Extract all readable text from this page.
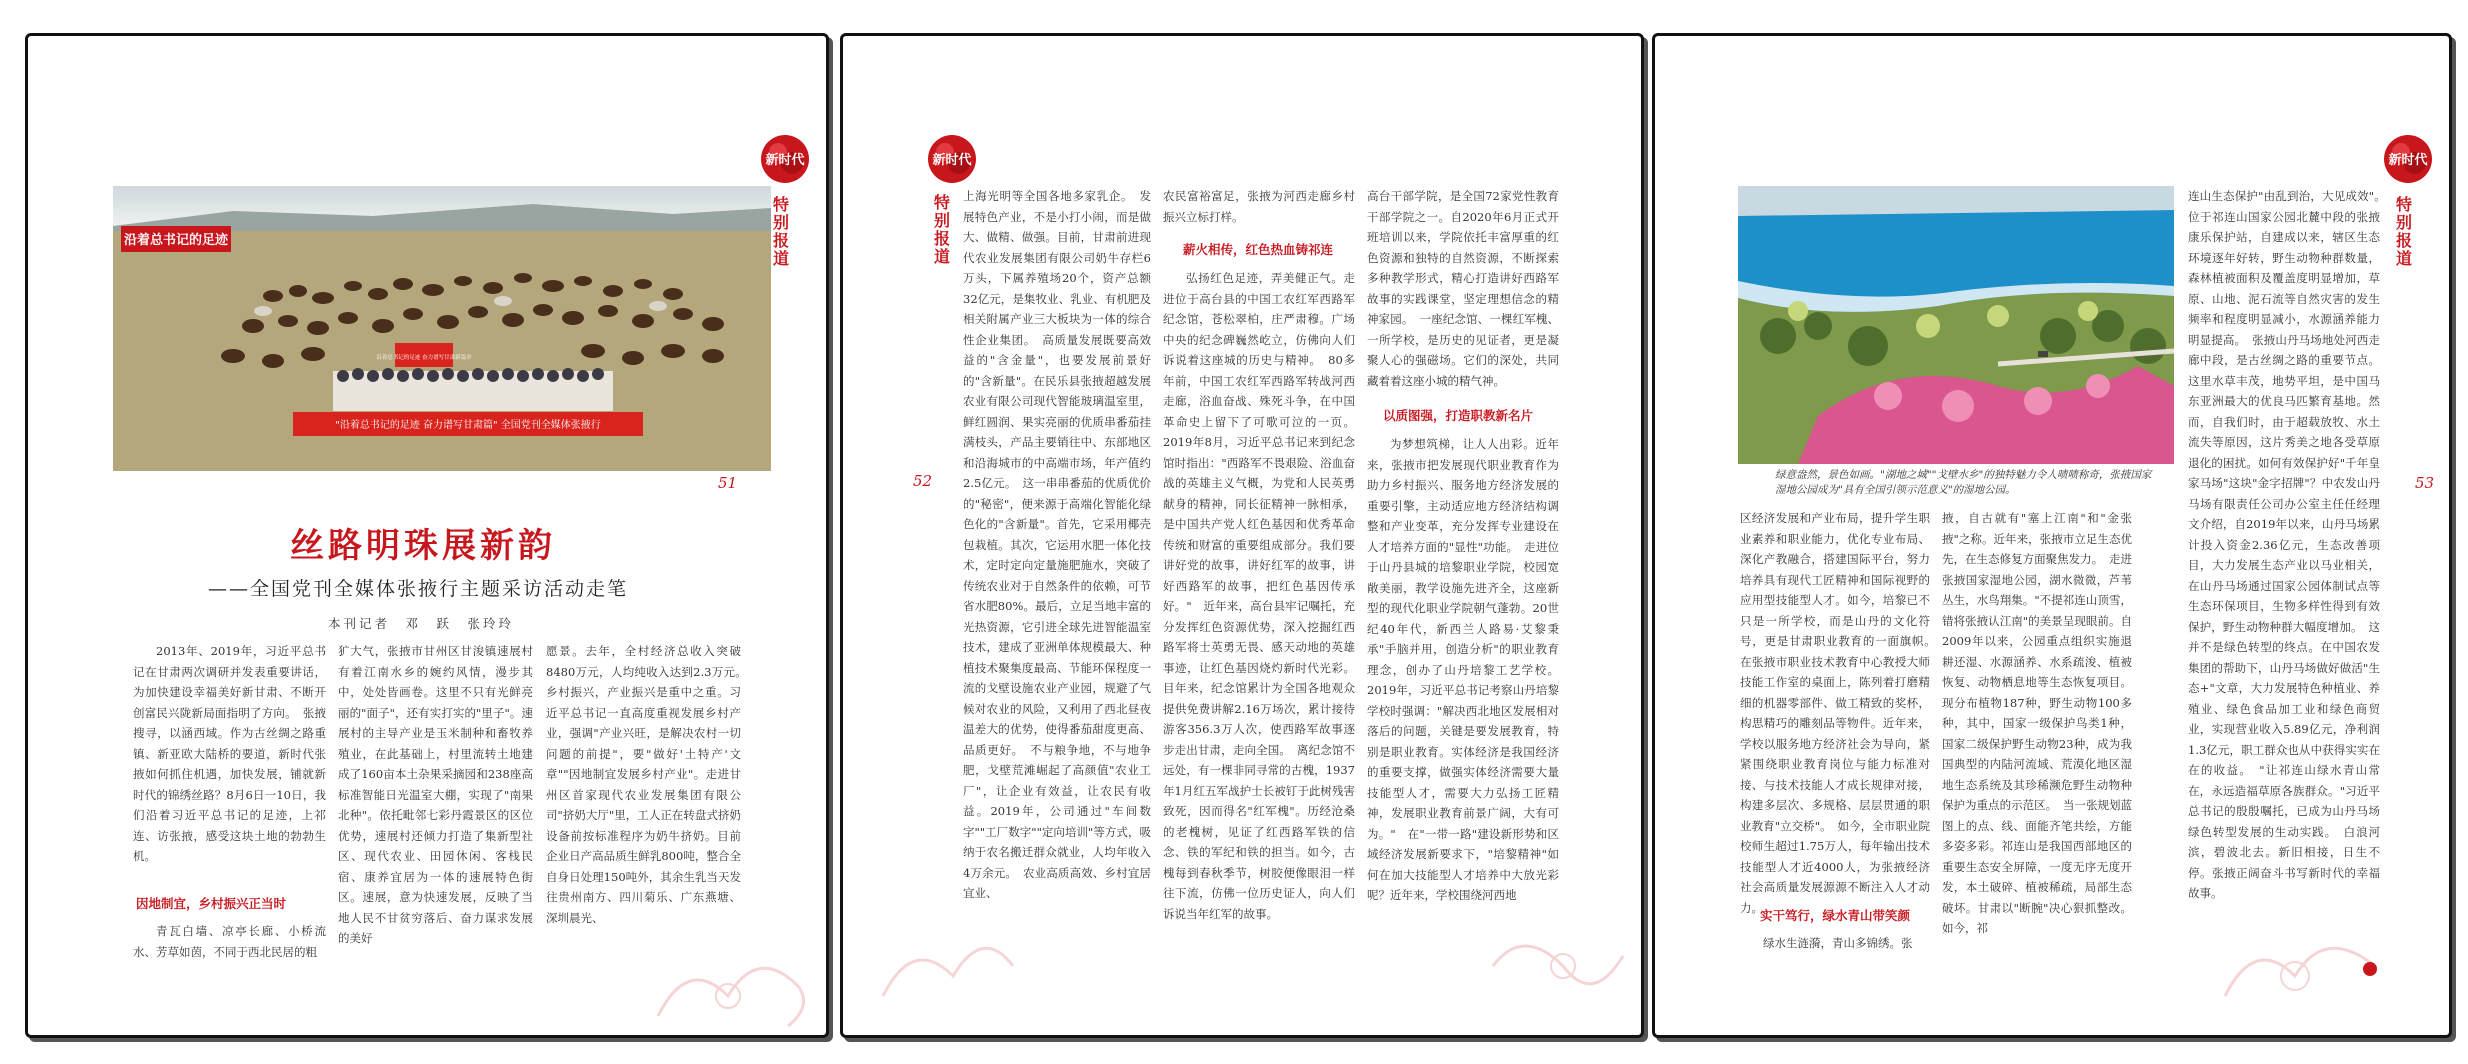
新时代
特别报道
沿着总书记的足迹 奋力谱写甘肃新篇章
"沿着总书记的足迹 奋力谱写甘肃篇" 全国党刊全媒体张掖行
沿着总书记的足迹
51
丝路明珠展新韵
——全国党刊全媒体张掖行主题采访活动走笔
本刊记者　邓　跃　张玲玲

2013年、2019年，习近平总书记在甘肃两次调研并发表重要讲话，为加快建设幸福美好新甘肃、不断开创富民兴陇新局面指明了方向。　张掖搜寻，以涵西域。作为古丝绸之路重镇、新亚欧大陆桥的要道，新时代张掖如何抓住机遇，加快发展，铺就新时代的锦绣丝路？8月6日一10日，我们沿着习近平总书记的足迹，上祁连、访张掖，感受这块土地的勃勃生机。

因地制宜，乡村振兴正当时

青瓦白墙、凉亭长廊、小桥流水、芳草如茵，不同于西北民居的粗

犷大气，张掖市甘州区甘浚镇速展村有着江南水乡的婉约风情，漫步其中，处处皆画卷。这里不只有光鲜亮丽的"面子"，还有实打实的"里子"。速展村的主导产业是玉米制种和畜牧养殖业，在此基础上，村里流转土地建成了160亩本土杂果采摘园和238座高标准智能日光温室大棚，实现了"南果北种"。依托毗邻七彩丹霞景区的区位优势，速展村还倾力打造了集新型社区、现代农业、田园休闲、客栈民宿、康养宜居为一体的速展特色街区。速展，意为快速发展，反映了当地人民不甘贫穷落后、奋力谋求发展的美好

愿景。去年，全村经济总收入突破8480万元，人均纯收入达到2.3万元。　乡村振兴，产业振兴是重中之重。习近平总书记一直高度重视发展乡村产业，强调"产业兴旺，是解决农村一切问题的前提"，要"做好'土特产'文章""因地制宜发展乡村产业"。走进甘州区首家现代农业发展集团有限公司"挤奶大厅"里，工人正在转盘式挤奶设备前按标准程序为奶牛挤奶。目前企业日产高品质生鲜乳800吨，整合全自身日处理150吨外，其余生乳当天发往贵州南方、四川菊乐、广东燕塘、深圳晨光、

新时代
特别报道

上海光明等全国各地多家乳企。　发展特色产业，不是小打小闹，而是做大、做精、做强。目前，甘肃前进现代农业发展集团有限公司奶牛存栏6万头，下属养殖场20个，资产总额32亿元，是集牧业、乳业、有机肥及相关附属产业三大板块为一体的综合性企业集团。　高质量发展既要高效益的"含金量"，也要发展前景好的"含新量"。在民乐县张掖超越发展农业有限公司现代智能玻璃温室里，鲜红圆润、果实亮丽的优质串番茄挂满枝头，产品主要销往中、东部地区和沿海城市的中高端市场，年产值约2.5亿元。　这一串串番茄的优质优价的"秘密"，便来源于高端化智能化绿色化的"含新量"。首先，它采用椰壳包栽植。其次，它运用水肥一体化技术，定时定向定量施肥施水，突破了传统农业对于自然条件的依赖，可节省水肥80%。最后，立足当地丰富的光热资源，它引进全球先进智能温室技术，建成了亚洲单体规模最大、种植技术聚集度最高、节能环保程度一流的戈壁设施农业产业园，规避了气候对农业的风险，又利用了西北昼夜温差大的优势，使得番茄甜度更高、品质更好。　不与粮争地，不与地争肥，戈壁荒滩崛起了高颜值"农业工厂"，让企业有效益，让农民有收益。2019年，公司通过"车间数字""工厂数字""定向培训"等方式，吸纳于农名搬迁群众就业，人均年收入4万余元。　农业高质高效、乡村宜居宜业、

农民富裕富足，张掖为河西走廊乡村振兴立标打样。

薪火相传，红色热血铸祁连

弘扬红色足迹，弄美健正气。走进位于高台县的中国工农红军西路军纪念馆，苍松翠柏，庄严肃穆。广场中央的纪念碑巍然屹立，仿佛向人们诉说着这座城的历史与精神。　80多年前，中国工农红军西路军转战河西走廊，浴血奋战、殊死斗争，在中国革命史上留下了可歌可泣的一页。2019年8月，习近平总书记来到纪念馆时指出："西路军不畏艰险、浴血奋战的英雄主义气概，为党和人民英勇献身的精神，同长征精神一脉相承，是中国共产党人红色基因和优秀革命传统和财富的重要组成部分。我们要讲好党的故事，讲好红军的故事，讲好西路军的故事，把红色基因传承好。"　近年来，高台县牢记嘱托，充分发挥红色资源优势，深入挖掘红西路军将士英勇无畏、感天动地的英雄事迹，让红色基因烧灼新时代光彩。目年来，纪念馆累计为全国各地观众提供免费讲解2.16万场次，累计接待游客356.3万人次，使西路军故事逐步走出甘肃，走向全国。　离纪念馆不远处，有一棵非同寻常的古槐，1937年1月红五军战护士长被钉于此树残害致死，因而得名"红军槐"。历经沧桑的老槐树，见证了红西路军铁的信念、铁的军纪和铁的担当。如今，古槐每到春秋季节，树胶便像眼泪一样往下流，仿佛一位历史证人，向人们诉说当年红军的故事。

高台干部学院，是全国72家党性教育干部学院之一。自2020年6月正式开班培训以来，学院依托丰富厚重的红色资源和独特的自然资源，不断探索多种教学形式，精心打造讲好西路军故事的实践课堂，坚定理想信念的精神家园。　一座纪念馆、一棵红军槐、一所学校，是历史的见证者，更是凝聚人心的强磁场。它们的深处，共同藏着着这座小城的精气神。

以质图强，打造职教新名片

为梦想筑梯，让人人出彩。近年来，张掖市把发展现代职业教育作为助力乡村振兴、服务地方经济发展的重要引擎，主动适应地方经济结构调整和产业变革，充分发挥专业建设在人才培养方面的"显性"功能。　走进位于山丹县城的培黎职业学院，校园宽敞美丽，教学设施先进齐全，这座新型的现代化职业学院朝气蓬勃。20世纪40年代，新西兰人路易·艾黎秉承"手脑并用，创造分析"的职业教育理念，创办了山丹培黎工艺学校。2019年，习近平总书记考察山丹培黎学校时强调："解决西北地区发展相对落后的问题，关键是要发展教育，特别是职业教育。实体经济是我国经济的重要支撑，做强实体经济需要大量技能型人才，需要大力弘扬工匠精神，发展职业教育前景广阔，大有可为。"　在"一带一路"建设新形势和区域经济发展新要求下，"培黎精神"如何在加大技能型人才培养中大放光彩呢？近年来，学校围绕河西地

52
新时代
特别报道
绿意盎然，景色如画。"湖地之城""戈壁水乡"的独特魅力令人啧啧称奇，张掖国家湿地公园成为"具有全国引领示范意义"的湿地公园。	53

区经济发展和产业布局，提升学生职业素养和职业能力，优化专业布局、深化产教融合，搭建国际平台，努力培养具有现代工匠精神和国际视野的应用型技能型人才。如今，培黎已不只是一所学校，而是山丹的文化符号，更是甘肃职业教育的一面旗帜。　在张掖市职业技术教育中心教授大师技能工作室的桌面上，陈列着打磨精细的机器零部件、做工精致的奖杯，构思精巧的雕刻品等物件。近年来，学校以服务地方经济社会为导向，紧紧围绕职业教育岗位与能力标准对接、与技术技能人才成长规律对接，构建多层次、多规格、层层贯通的职业教育"立交桥"。　如今，全市职业院校师生超过1.75万人，每年输出技术技能型人才近4000人，为张掖经济社会高质量发展源源不断注入人才动力。

实干笃行，绿水青山带笑颜

绿水生涟漪，青山多锦绣。张

掖，自古就有"塞上江南"和"金张掖"之称。近年来，张掖市立足生态优先，在生态修复方面聚焦发力。　走进张掖国家湿地公园，湖水微微，芦苇丛生，水鸟翔集。"不提祁连山顶雪，错将张掖认江南"的美景呈现眼前。自2009年以来，公园重点组织实施退耕还湿、水源涵养、水系疏浚、植被恢复、动物栖息地等生态恢复项目。现分布植物187种，野生动物100多种，其中，国家一级保护鸟类1种，国家二级保护野生动物23种，成为我国典型的内陆河流域、荒漠化地区湿地生态系统及其珍稀濒危野生动物种保护为重点的示范区。　当一张规划蓝图上的点、线、面能齐笔共绘，方能多姿多彩。祁连山是我国西部地区的重要生态安全屏障，一度无序无度开发，本土破碎、植被稀疏，局部生态破坏。甘肃以"断腕"决心狠抓整改。如今，祁

连山生态保护"由乱到治，大见成效"。　位于祁连山国家公园北麓中段的张掖康乐保护站，自建成以来，辖区生态环境逐年好转，野生动物种群数量，森林植被面积及覆盖度明显增加，草原、山地、泥石流等自然灾害的发生频率和程度明显减小，水源涵养能力明显提高。　张掖山丹马场地处河西走廊中段，是古丝绸之路的重要节点。这里水草丰茂，地势平坦，是中国马东亚洲最大的优良马匹繁育基地。然而，自我们时，由于超载放牧、水土流失等原因，这片秀美之地各受草原退化的困扰。如何有效保护好"千年皇家马场"这块"金字招牌"？中农发山丹马场有限责任公司办公室主任任经理文介绍，自2019年以来，山丹马场累计投入资金2.36亿元，生态改善项目，大力发展生态产业以马业相关，在山丹马场通过国家公园体制试点等生态环保项目，生物多样性得到有效保护，野生动物种群大幅度增加。　这并不是绿色转型的终点。在中国农发集团的帮助下，山丹马场做好做活"生态+"文章，大力发展特色种植业、养殖业、绿色食品加工业和绿色商贸业，实现营业收入5.89亿元，净利润1.3亿元，职工群众也从中获得实实在在的收益。　"让祁连山绿水青山常在，永远造福草原各族群众。"习近平总书记的殷殷嘱托，已成为山丹马场绿色转型发展的生动实践。　白浪河滨，碧波北去。新旧相接，日生不停。张掖正阔奋斗书写新时代的幸福故事。
